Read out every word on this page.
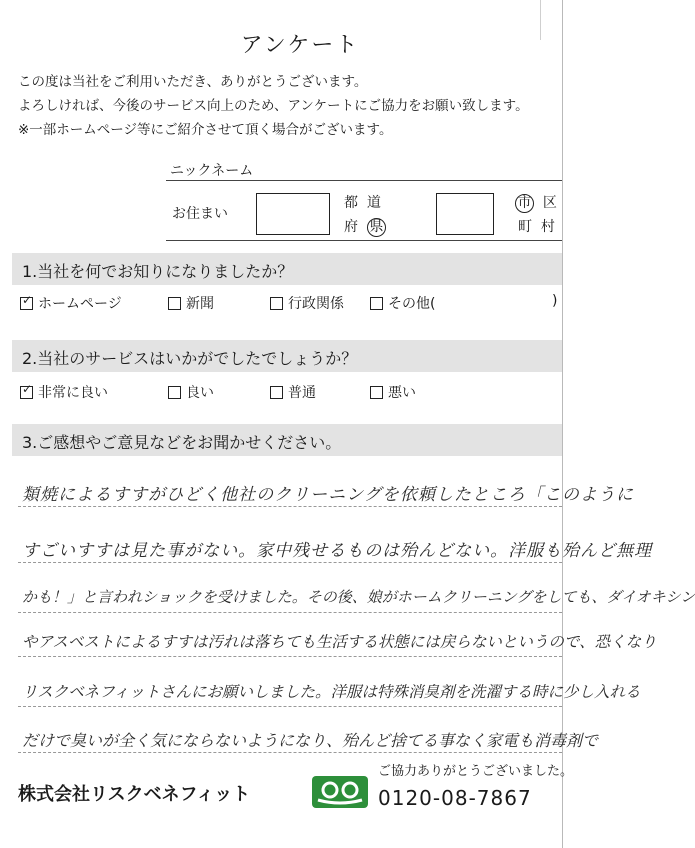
アンケート
この度は当社をご利用いただき、ありがとうございます。
よろしければ、今後のサービス向上のため、アンケートにご協力をお願い致します。
※一部ホームページ等にご紹介させて頂く場合がございます。
ニックネーム
お住まい
都 道
府 県
市 区
町 村
1.当社を何でお知りになりましたか？
✓ ホームページ	新聞	行政関係	その他(	)
2.当社のサービスはいかがでしたでしょうか？
✓ 非常に良い	良い	普通	悪い
3.ご感想やご意見などをお聞かせください。
類焼によるすすがひどく他社のクリーニングを依頼したところ「このように
すごいすすは見た事がない。家中残せるものは殆んどない。洋服も殆んど無理
かも！」と言われショックを受けました。その後、娘がホームクリーニングをしても、ダイオキシン
やアスベストによるすすは汚れは落ちても生活する状態には戻らないというので、恐くなり
リスクベネフィットさんにお願いしました。洋服は特殊消臭剤を洗濯する時に少し入れる
だけで臭いが全く気にならないようになり、殆んど捨てる事なく家電も消毒剤で
ご協力ありがとうございました。
株式会社リスクベネフィット	0120-08-7867
